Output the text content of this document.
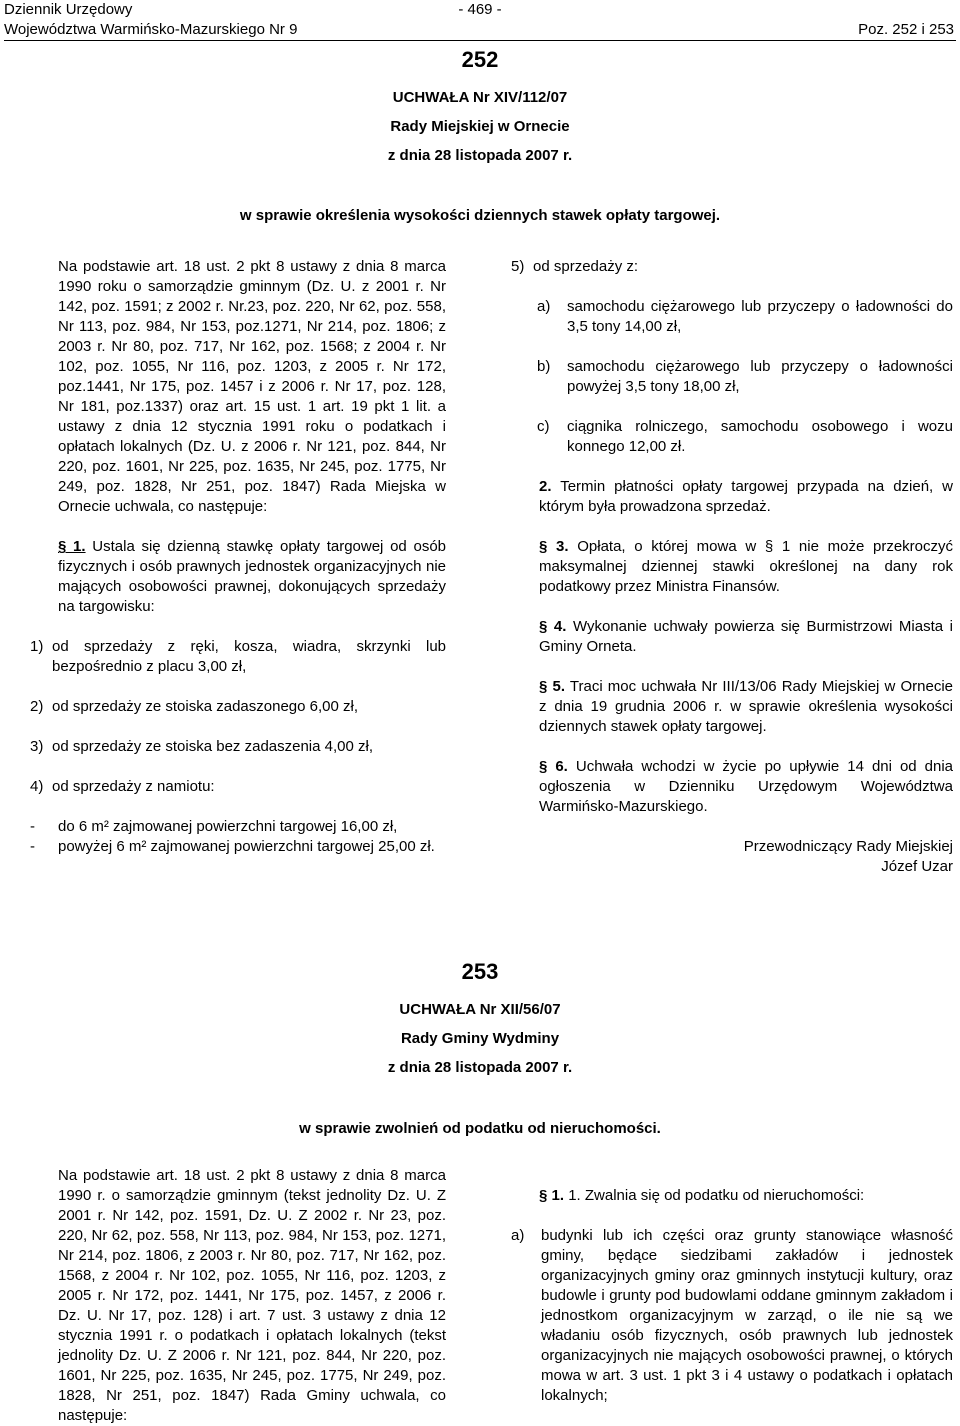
Dziennik Urzędowy
Województwa Warmińsko-Mazurskiego Nr 9
- 469 -
Poz. 252 i 253
252
UCHWAŁA Nr XIV/112/07
Rady Miejskiej w Ornecie
z dnia 28 listopada 2007 r.
w sprawie określenia wysokości dziennych stawek opłaty targowej.

Na podstawie art. 18 ust. 2 pkt 8 ustawy z dnia 8 marca 1990 roku o samorządzie gminnym (Dz. U. z 2001 r. Nr 142, poz. 1591; z 2002 r. Nr.23, poz. 220, Nr 62, poz. 558, Nr 113, poz. 984, Nr 153, poz.1271, Nr 214, poz. 1806; z 2003 r. Nr 80, poz. 717, Nr 162, poz. 1568; z 2004 r. Nr 102, poz. 1055, Nr 116, poz. 1203, z 2005 r. Nr 172, poz.1441, Nr 175, poz. 1457 i z 2006 r. Nr 17, poz. 128, Nr 181, poz.1337) oraz art. 15 ust. 1 art. 19 pkt 1 lit. a ustawy z dnia 12 stycznia 1991 roku o podatkach i opłatach lokalnych (Dz. U. z 2006 r. Nr 121, poz. 844, Nr 220, poz. 1601, Nr 225, poz. 1635, Nr 245, poz. 1775, Nr 249, poz. 1828, Nr 251, poz. 1847) Rada Miejska w Ornecie uchwala, co następuje:

§ 1. Ustala się dzienną stawkę opłaty targowej od osób fizycznych i osób prawnych jednostek organizacyjnych nie mających osobowości prawnej, dokonujących sprzedaży na targowisku:

1) od sprzedaży z ręki, kosza, wiadra, skrzynki lub bezpośrednio z placu 3,00 zł,
2) od sprzedaży ze stoiska zadaszonego 6,00 zł,
3) od sprzedaży ze stoiska bez zadaszenia 4,00 zł,
4) od sprzedaży z namiotu:
-	do 6 m² zajmowanej powierzchni targowej 16,00 zł,
-	powyżej 6 m² zajmowanej powierzchni targowej 25,00 zł.
5) od sprzedaży z:
a)	samochodu ciężarowego lub przyczepy o ładowności do 3,5 tony 14,00 zł,
b)	samochodu ciężarowego lub przyczepy o ładowności powyżej 3,5 tony 18,00 zł,
c)	ciągnika rolniczego, samochodu osobowego i wozu konnego 12,00 zł.

2. Termin płatności opłaty targowej przypada na dzień, w którym była prowadzona sprzedaż.

§ 3. Opłata, o której mowa w § 1 nie może przekroczyć maksymalnej dziennej stawki określonej na dany rok podatkowy przez Ministra Finansów.

§ 4. Wykonanie uchwały powierza się Burmistrzowi Miasta i Gminy Orneta.

§ 5. Traci moc uchwała Nr III/13/06 Rady Miejskiej w Ornecie z dnia 19 grudnia 2006 r. w sprawie określenia wysokości dziennych stawek opłaty targowej.

§ 6. Uchwała wchodzi w życie po upływie 14 dni od dnia ogłoszenia w Dzienniku Urzędowym Województwa Warmińsko-Mazurskiego.

Przewodniczący Rady Miejskiej

Józef Uzar

253
UCHWAŁA Nr XII/56/07
Rady Gminy Wydminy
z dnia 28 listopada 2007 r.
w sprawie zwolnień od podatku od nieruchomości.

Na podstawie art. 18 ust. 2 pkt 8 ustawy z dnia 8 marca 1990 r. o samorządzie gminnym (tekst jednolity Dz. U. Z 2001 r. Nr 142, poz. 1591, Dz. U. Z 2002 r. Nr 23, poz. 220, Nr 62, poz. 558, Nr 113, poz. 984, Nr 153, poz. 1271, Nr 214, poz. 1806, z 2003 r. Nr 80, poz. 717, Nr 162, poz. 1568, z 2004 r. Nr 102, poz. 1055, Nr 116, poz. 1203, z 2005 r. Nr 172, poz. 1441, Nr 175, poz. 1457, z 2006 r. Dz. U. Nr 17, poz. 128) i art. 7 ust. 3 ustawy z dnia 12 stycznia 1991 r. o podatkach i opłatach lokalnych (tekst jednolity Dz. U. Z 2006 r. Nr 121, poz. 844, Nr 220, poz. 1601, Nr 225, poz. 1635, Nr 245, poz. 1775, Nr 249, poz. 1828, Nr 251, poz. 1847) Rada Gminy uchwala, co następuje:

§ 1. 1. Zwalnia się od podatku od nieruchomości:

a)	budynki lub ich części oraz grunty stanowiące własność gminy, będące siedzibami zakładów i jednostek organizacyjnych gminy oraz gminnych instytucji kultury, oraz budowle i grunty pod budowlami oddane gminnym zakładom i jednostkom organizacyjnym w zarząd, o ile nie są we władaniu osób fizycznych, osób prawnych lub jednostek organizacyjnych nie mających osobowości prawnej, o których mowa w art. 3 ust. 1 pkt 3 i 4 ustawy o podatkach i opłatach lokalnych;
